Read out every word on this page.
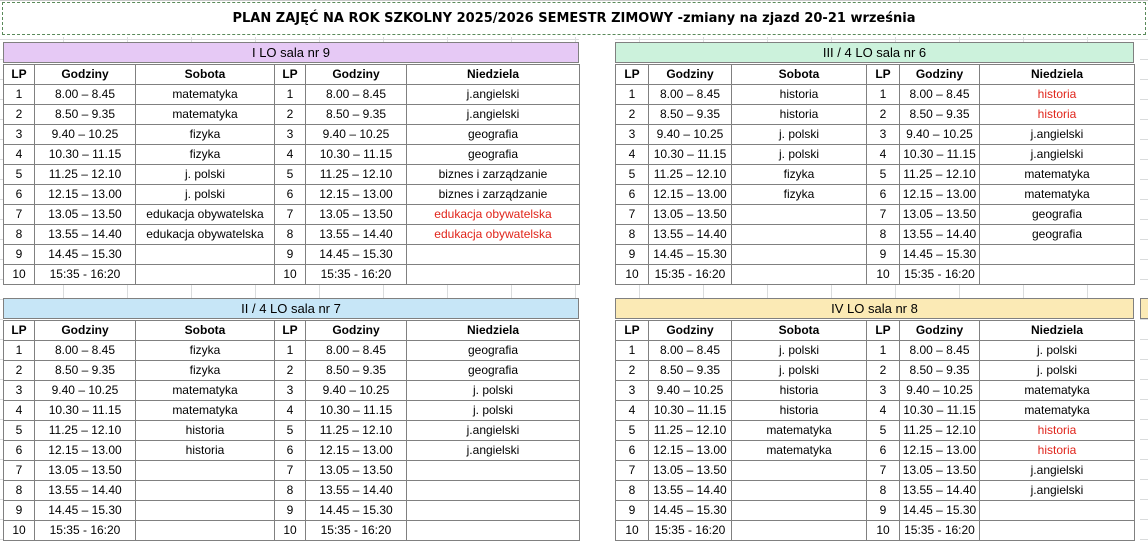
PLAN ZAJĘĆ NA ROK SZKOLNY 2025/2026 SEMESTR ZIMOWY -zmiany na zjazd 20-21 września
I LO sala nr 9
LP	Godziny	Sobota	LP	Godziny	Niedziela
1	8.00 – 8.45	matematyka	1	8.00 – 8.45	j.angielski
2	8.50 – 9.35	matematyka	2	8.50 – 9.35	j.angielski
3	9.40 – 10.25	fizyka	3	9.40 – 10.25	geografia
4	10.30 – 11.15	fizyka	4	10.30 – 11.15	geografia
5	11.25 – 12.10	j. polski	5	11.25 – 12.10	biznes i zarządzanie
6	12.15 – 13.00	j. polski	6	12.15 – 13.00	biznes i zarządzanie
7	13.05 – 13.50	edukacja obywatelska	7	13.05 – 13.50	edukacja obywatelska
8	13.55 – 14.40	edukacja obywatelska	8	13.55 – 14.40	edukacja obywatelska
9	14.45 – 15.30		9	14.45 – 15.30	
10	15:35 - 16:20		10	15:35 - 16:20	
III / 4 LO sala nr 6
LP	Godziny	Sobota	LP	Godziny	Niedziela
1	8.00 – 8.45	historia	1	8.00 – 8.45	historia
2	8.50 – 9.35	historia	2	8.50 – 9.35	historia
3	9.40 – 10.25	j. polski	3	9.40 – 10.25	j.angielski
4	10.30 – 11.15	j. polski	4	10.30 – 11.15	j.angielski
5	11.25 – 12.10	fizyka	5	11.25 – 12.10	matematyka
6	12.15 – 13.00	fizyka	6	12.15 – 13.00	matematyka
7	13.05 – 13.50		7	13.05 – 13.50	geografia
8	13.55 – 14.40		8	13.55 – 14.40	geografia
9	14.45 – 15.30		9	14.45 – 15.30	
10	15:35 - 16:20		10	15:35 - 16:20	
II / 4 LO sala nr 7
LP	Godziny	Sobota	LP	Godziny	Niedziela
1	8.00 – 8.45	fizyka	1	8.00 – 8.45	geografia
2	8.50 – 9.35	fizyka	2	8.50 – 9.35	geografia
3	9.40 – 10.25	matematyka	3	9.40 – 10.25	j. polski
4	10.30 – 11.15	matematyka	4	10.30 – 11.15	j. polski
5	11.25 – 12.10	historia	5	11.25 – 12.10	j.angielski
6	12.15 – 13.00	historia	6	12.15 – 13.00	j.angielski
7	13.05 – 13.50		7	13.05 – 13.50	
8	13.55 – 14.40		8	13.55 – 14.40	
9	14.45 – 15.30		9	14.45 – 15.30	
10	15:35 - 16:20		10	15:35 - 16:20	
IV LO sala nr 8
LP	Godziny	Sobota	LP	Godziny	Niedziela
1	8.00 – 8.45	j. polski	1	8.00 – 8.45	j. polski
2	8.50 – 9.35	j. polski	2	8.50 – 9.35	j. polski
3	9.40 – 10.25	historia	3	9.40 – 10.25	matematyka
4	10.30 – 11.15	historia	4	10.30 – 11.15	matematyka
5	11.25 – 12.10	matematyka	5	11.25 – 12.10	historia
6	12.15 – 13.00	matematyka	6	12.15 – 13.00	historia
7	13.05 – 13.50		7	13.05 – 13.50	j.angielski
8	13.55 – 14.40		8	13.55 – 14.40	j.angielski
9	14.45 – 15.30		9	14.45 – 15.30	
10	15:35 - 16:20		10	15:35 - 16:20	
